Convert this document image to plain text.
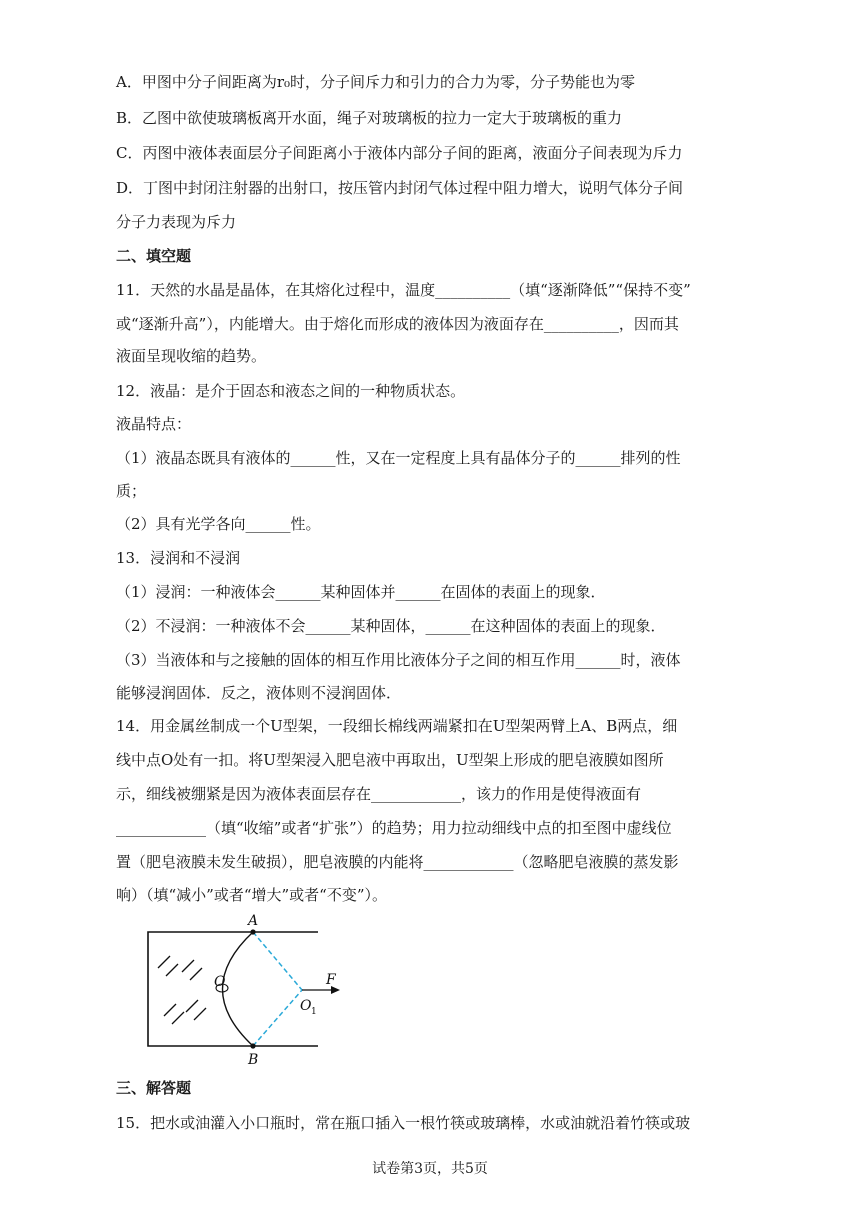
A．甲图中分子间距离为r₀时，分子间斥力和引力的合力为零，分子势能也为零
B．乙图中欲使玻璃板离开水面，绳子对玻璃板的拉力一定大于玻璃板的重力
C．丙图中液体表面层分子间距离小于液体内部分子间的距离，液面分子间表现为斥力
D．丁图中封闭注射器的出射口，按压管内封闭气体过程中阻力增大，说明气体分子间
分子力表现为斥力
二、填空题
11．天然的水晶是晶体，在其熔化过程中，温度__________（填“逐渐降低”“保持不变”
或“逐渐升高”），内能增大。由于熔化而形成的液体因为液面存在__________，因而其
液面呈现收缩的趋势。
12．液晶：是介于固态和液态之间的一种物质状态。
液晶特点：
（1）液晶态既具有液体的______性，又在一定程度上具有晶体分子的______排列的性
质；
（2）具有光学各向______性。
13．浸润和不浸润
（1）浸润：一种液体会______某种固体并______在固体的表面上的现象．
（2）不浸润：一种液体不会______某种固体，______在这种固体的表面上的现象．
（3）当液体和与之接触的固体的相互作用比液体分子之间的相互作用______时，液体
能够浸润固体．反之，液体则不浸润固体．
14．用金属丝制成一个U型架，一段细长棉线两端紧扣在U型架两臂上A、B两点，细
线中点O处有一扣。将U型架浸入肥皂液中再取出，U型架上形成的肥皂液膜如图所
示，细线被绷紧是因为液体表面层存在____________，该力的作用是使得液面有
____________（填“收缩”或者“扩张”）的趋势；用力拉动细线中点的扣至图中虚线位
置（肥皂液膜未发生破损），肥皂液膜的内能将____________（忽略肥皂液膜的蒸发影
响）（填“减小”或者“增大”或者“不变”）。
A
B
O
O 1
F
三、解答题
15．把水或油灌入小口瓶时，常在瓶口插入一根竹筷或玻璃棒，水或油就沿着竹筷或玻
试卷第3页，共5页
